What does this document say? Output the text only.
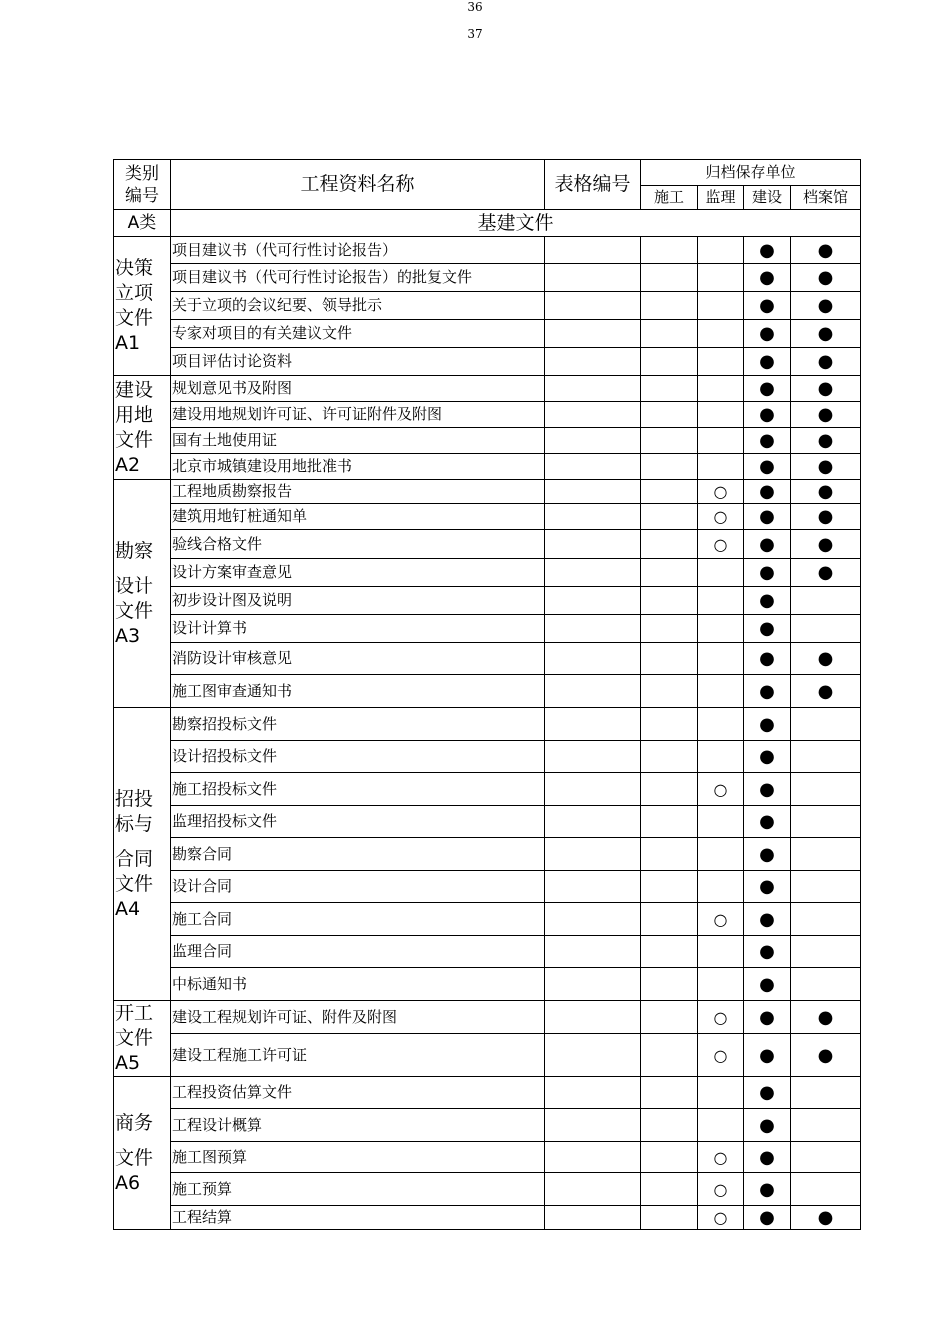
36
37
类别
编号	工程资料名称	表格编号	归档保存单位			
			施工	监理	建设	档案馆
A类	基建文件					

决策
立项
文件
A1	项目建议书（代可行性讨论报告）				●	●
	项目建议书（代可行性讨论报告）的批复文件				●	●
	关于立项的会议纪要、领导批示				●	●
	专家对项目的有关建议文件				●	●
	项目评估讨论资料				●	●

建设
用地
文件
A2	规划意见书及附图				●	●
	建设用地规划许可证、许可证附件及附图				●	●
	国有土地使用证				●	●
	北京市城镇建设用地批准书				●	●

勘察
设计
文件
A3	工程地质勘察报告			○	●	●
	建筑用地钉桩通知单			○	●	●
	验线合格文件			○	●	●
	设计方案审查意见				●	●
	初步设计图及说明				●	
	设计计算书				●	
	消防设计审核意见				●	●
	施工图审查通知书				●	●

招投
标与
合同
文件
A4	勘察招投标文件				●	
	设计招投标文件				●	
	施工招投标文件			○	●	
	监理招投标文件				●	
	勘察合同				●	
	设计合同				●	
	施工合同			○	●	
	监理合同				●	
	中标通知书				●	

开工
文件
A5	建设工程规划许可证、附件及附图			○	●	●
	建设工程施工许可证			○	●	●

商务
文件
A6	工程投资估算文件				●	
	工程设计概算				●	
	施工图预算			○	●	
	施工预算			○	●	
	工程结算			○	●	●
